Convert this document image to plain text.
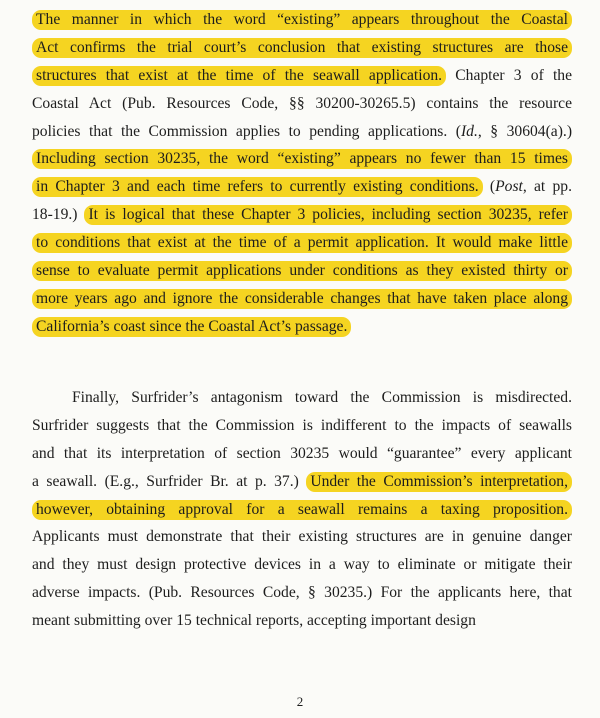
The manner in which the word “existing” appears throughout the Coastal
Act confirms the trial court’s conclusion that existing structures are those
structures that exist at the time of the seawall application. Chapter 3 of the
Coastal Act (Pub. Resources Code, §§ 30200-30265.5) contains the resource
policies that the Commission applies to pending applications. (Id., § 30604(a).)
Including section 30235, the word “existing” appears no fewer than 15 times
in Chapter 3 and each time refers to currently existing conditions. (Post, at pp.
18-19.) It is logical that these Chapter 3 policies, including section 30235, refer
to conditions that exist at the time of a permit application. It would make little
sense to evaluate permit applications under conditions as they existed thirty or
more years ago and ignore the considerable changes that have taken place along
California’s coast since the Coastal Act’s passage.
Finally, Surfrider’s antagonism toward the Commission is misdirected.
Surfrider suggests that the Commission is indifferent to the impacts of seawalls
and that its interpretation of section 30235 would “guarantee” every applicant
a seawall. (E.g., Surfrider Br. at p. 37.) Under the Commission’s interpretation,
however, obtaining approval for a seawall remains a taxing proposition.
Applicants must demonstrate that their existing structures are in genuine danger
and they must design protective devices in a way to eliminate or mitigate their
adverse impacts. (Pub. Resources Code, § 30235.) For the applicants here, that
meant submitting over 15 technical reports, accepting important design
2
